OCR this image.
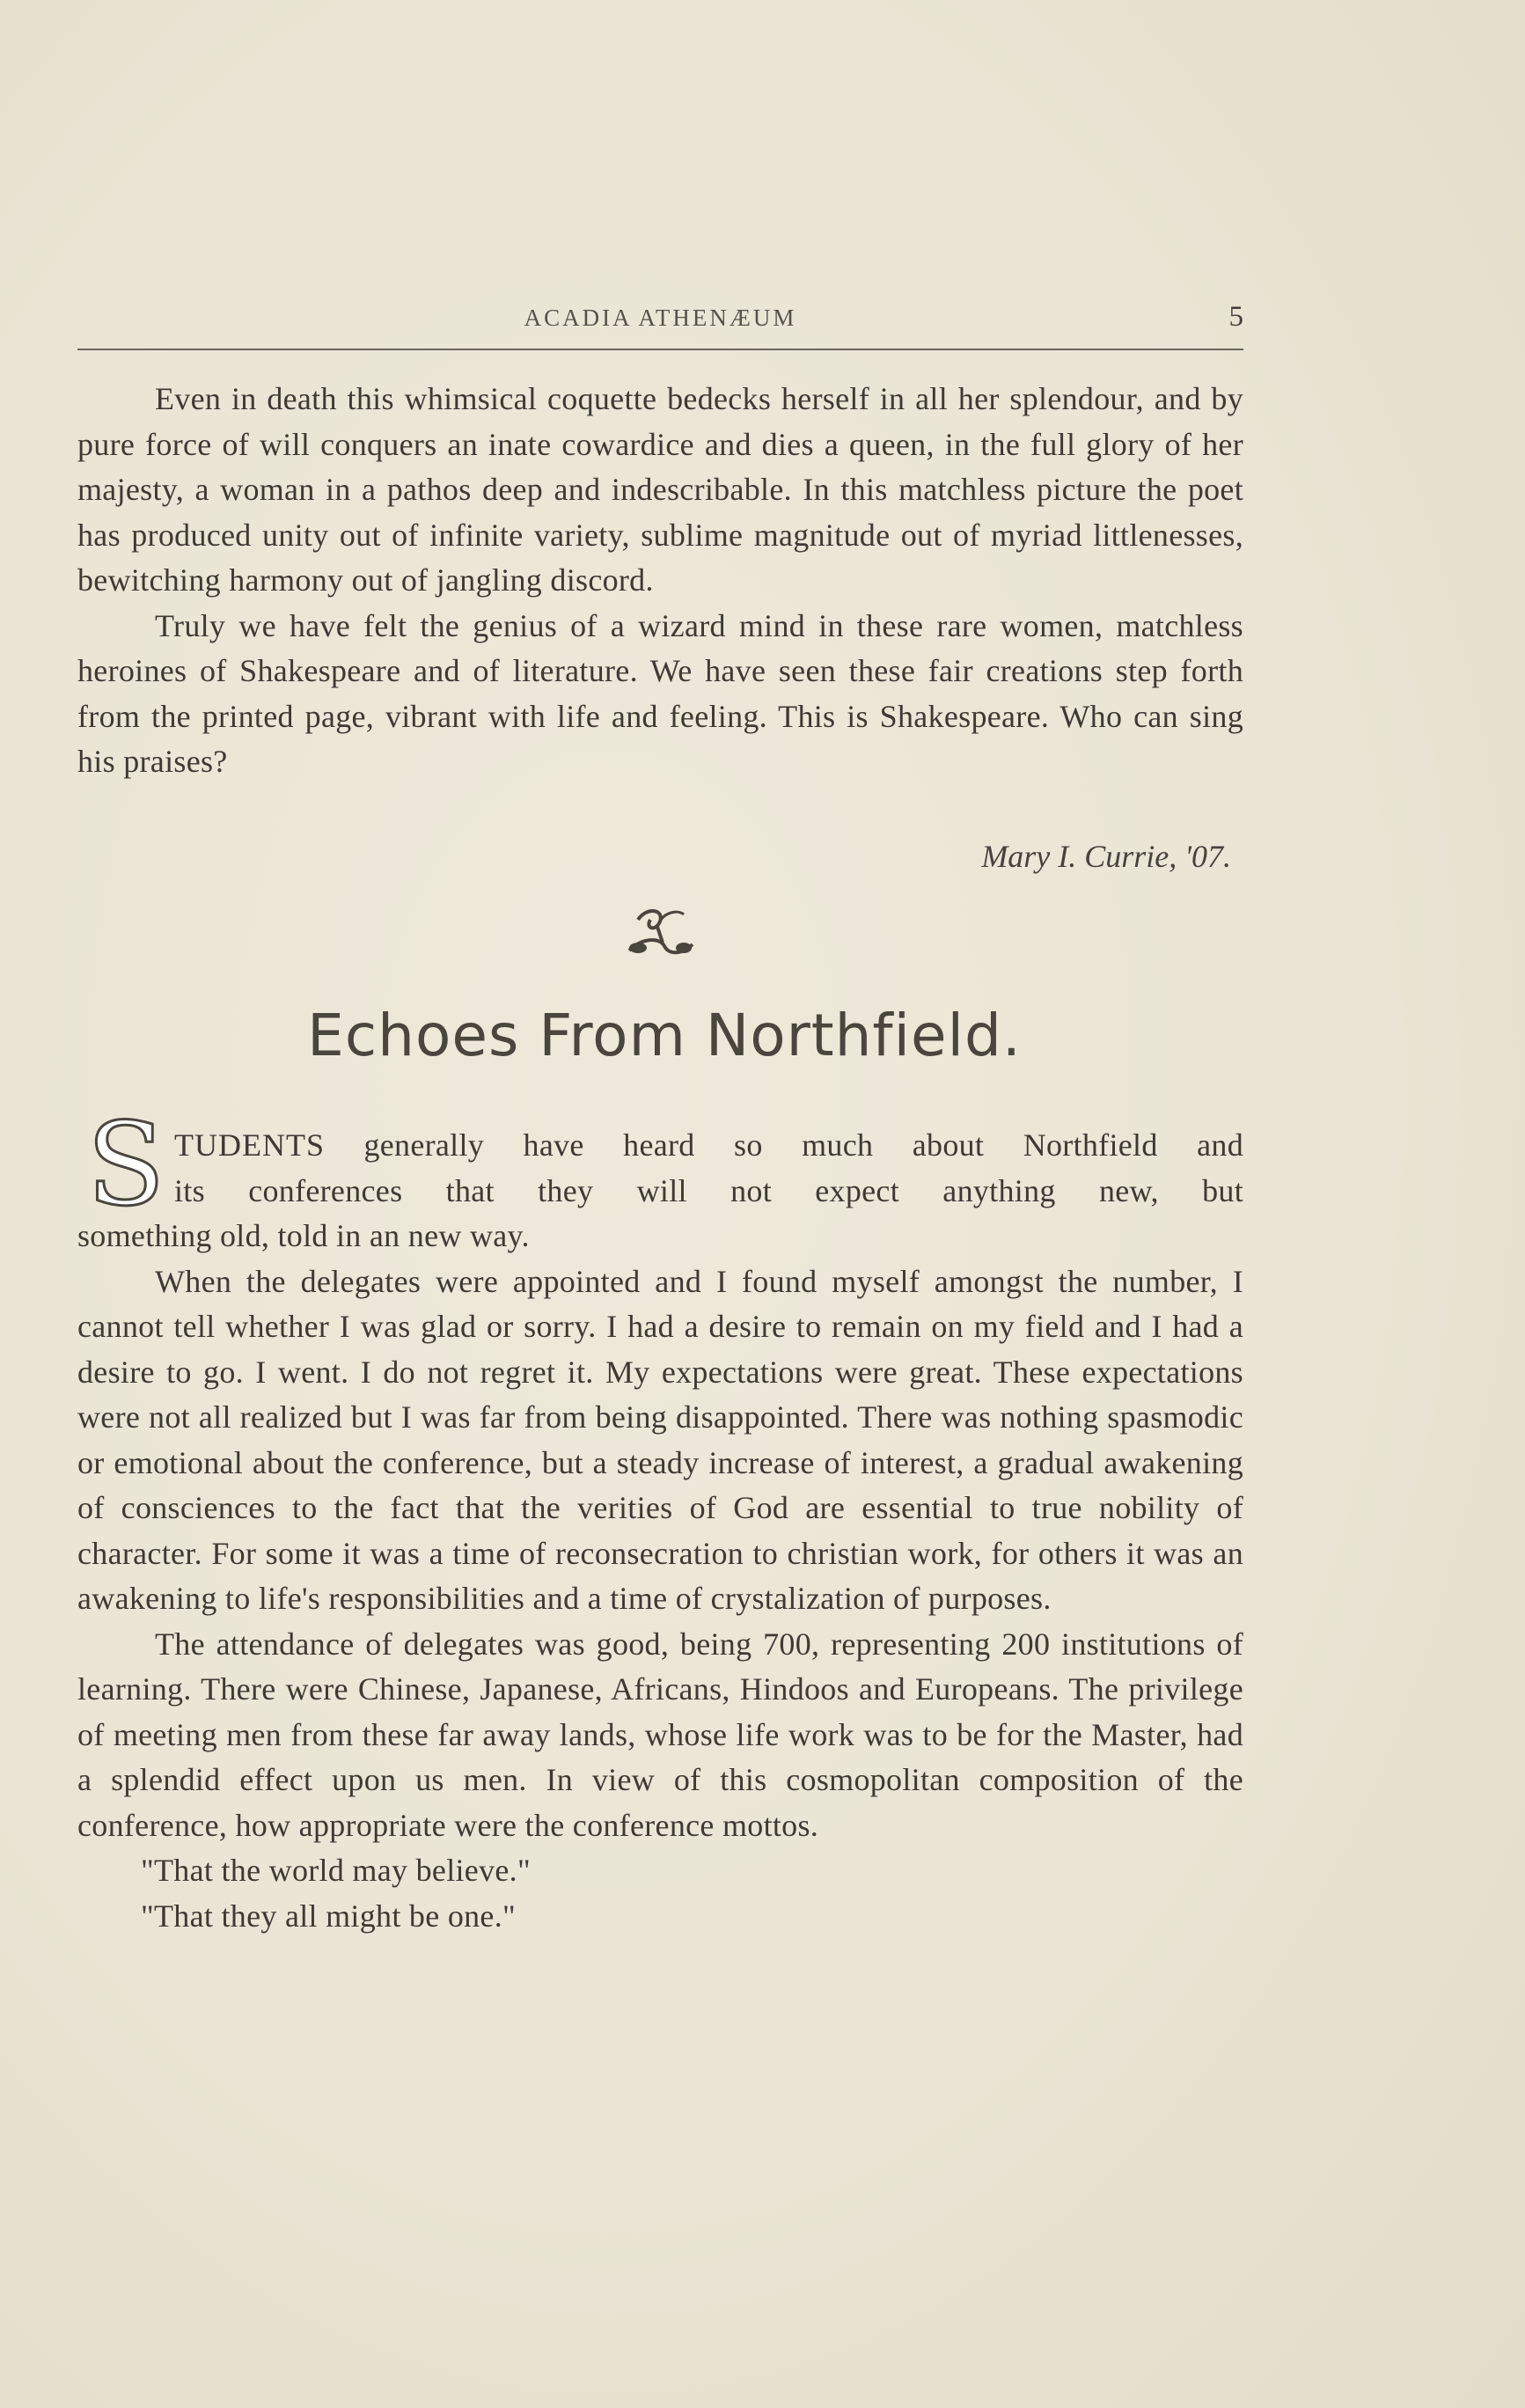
ACADIA ATHENÆUM	5

Even in death this whimsical coquette bedecks herself in all her splendour, and by pure force of will conquers an inate cowardice and dies a queen, in the full glory of her majesty, a woman in a pathos deep and indescribable. In this matchless picture the poet has produced unity out of infinite variety, sublime magnitude out of myriad littlenesses, bewitching harmony out of jangling discord.

Truly we have felt the genius of a wizard mind in these rare women, matchless heroines of Shakespeare and of literature. We have seen these fair creations step forth from the printed page, vibrant with life and feeling. This is Shakespeare. Who can sing his praises?

Mary I. Currie, '07.
Echoes From Northfield.
S TUDENTS generally have heard so much about Northfield and
its conferences that they will not expect anything new, but

something old, told in an new way.

When the delegates were appointed and I found myself amongst the number, I cannot tell whether I was glad or sorry. I had a desire to remain on my field and I had a desire to go. I went. I do not regret it. My expectations were great. These expectations were not all realized but I was far from being disappointed. There was nothing spasmodic or emotional about the conference, but a steady increase of interest, a gradual awakening of consciences to the fact that the verities of God are essential to true nobility of character. For some it was a time of reconsecration to christian work, for others it was an awakening to life's responsibilities and a time of crystalization of purposes.

The attendance of delegates was good, being 700, representing 200 institutions of learning. There were Chinese, Japanese, Africans, Hindoos and Europeans. The privilege of meeting men from these far away lands, whose life work was to be for the Master, had a splendid effect upon us men. In view of this cosmopolitan composition of the conference, how appropriate were the conference mottos.

"That the world may believe."
"That they all might be one."
